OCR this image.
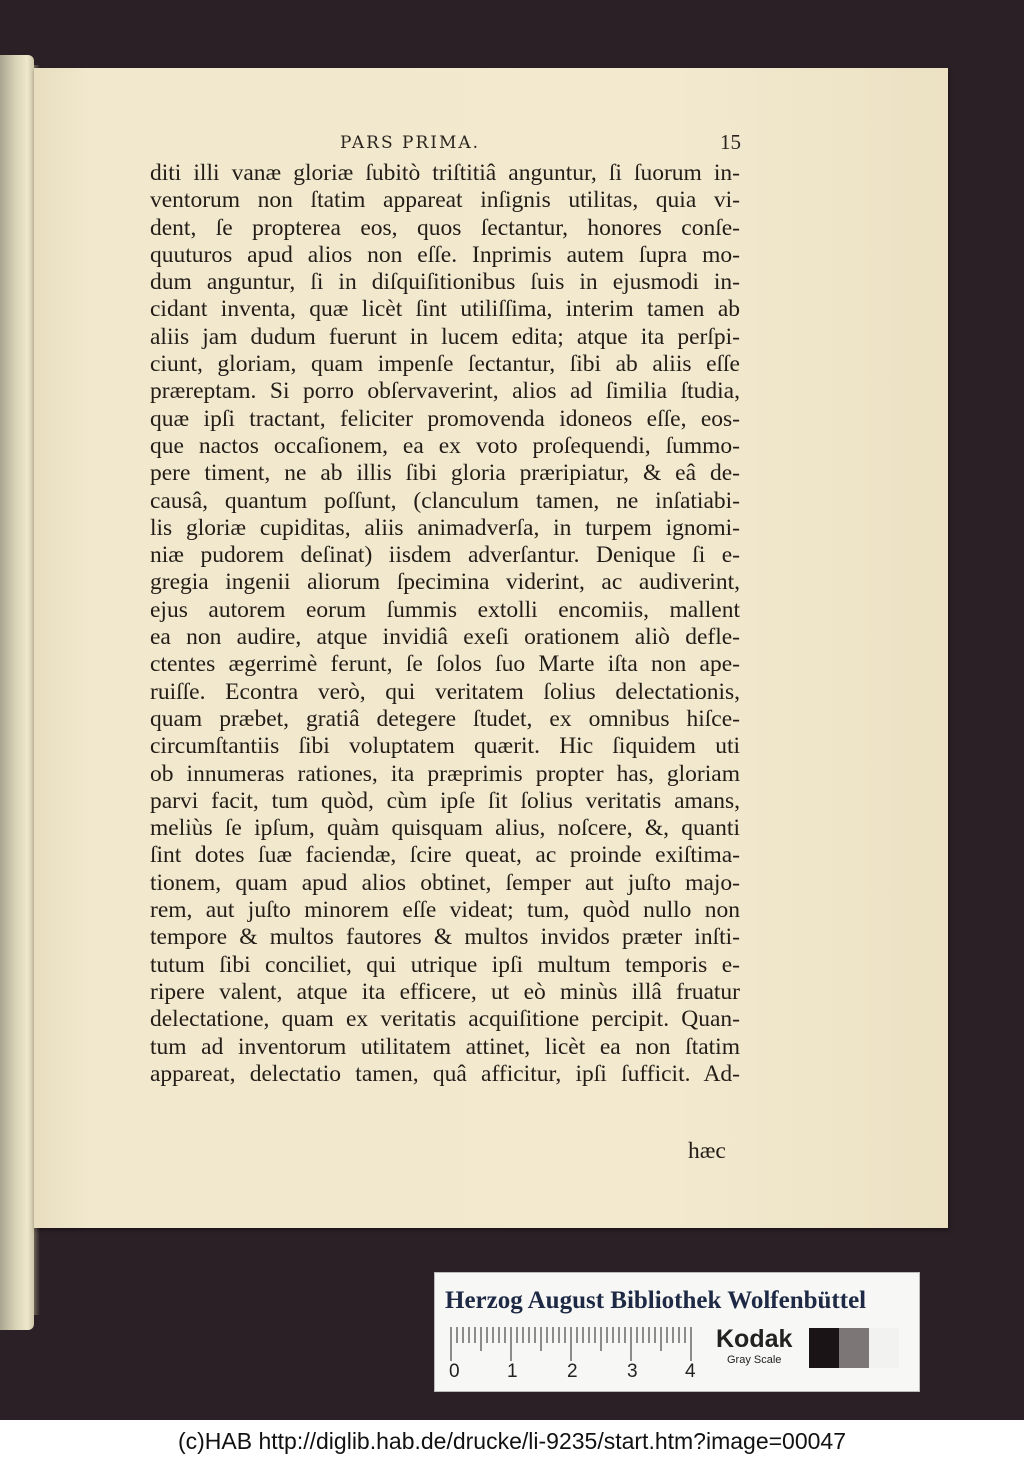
PARS PRIMA.	15
diti illi vanæ gloriæ ſubitò triſtitiâ anguntur, ſi ſuorum in-
ventorum non ſtatim appareat inſignis utilitas, quia vi-
dent, ſe propterea eos, quos ſectantur, honores conſe-
quuturos apud alios non eſſe. Inprimis autem ſupra mo-
dum anguntur, ſi in diſquiſitionibus ſuis in ejusmodi in-
cidant inventa, quæ licèt ſint utiliſſima, interim tamen ab
aliis jam dudum fuerunt in lucem edita; atque ita perſpi-
ciunt, gloriam, quam impenſe ſectantur, ſibi ab aliis eſſe
præreptam. Si porro obſervaverint, alios ad ſimilia ſtudia,
quæ ipſi tractant, feliciter promovenda idoneos eſſe, eos-
que nactos occaſionem, ea ex voto proſequendi, ſummo-
pere timent, ne ab illis ſibi gloria præripiatur, & eâ de-
causâ, quantum poſſunt, (clanculum tamen, ne inſatiabi-
lis gloriæ cupiditas, aliis animadverſa, in turpem ignomi-
niæ pudorem deſinat) iisdem adverſantur. Denique ſi e-
gregia ingenii aliorum ſpecimina viderint, ac audiverint,
ejus autorem eorum ſummis extolli encomiis, mallent
ea non audire, atque invidiâ exeſi orationem aliò defle-
ctentes ægerrimè ferunt, ſe ſolos ſuo Marte iſta non ape-
ruiſſe. Econtra verò, qui veritatem ſolius delectationis,
quam præbet, gratiâ detegere ſtudet, ex omnibus hiſce-
circumſtantiis ſibi voluptatem quærit. Hic ſiquidem uti
ob innumeras rationes, ita præprimis propter has, gloriam
parvi facit, tum quòd, cùm ipſe ſit ſolius veritatis amans,
meliùs ſe ipſum, quàm quisquam alius, noſcere, &, quanti
ſint dotes ſuæ faciendæ, ſcire queat, ac proinde exiſtima-
tionem, quam apud alios obtinet, ſemper aut juſto majo-
rem, aut juſto minorem eſſe videat; tum, quòd nullo non
tempore & multos fautores & multos invidos præter inſti-
tutum ſibi conciliet, qui utrique ipſi multum temporis e-
ripere valent, atque ita efficere, ut eò minùs illâ fruatur
delectatione, quam ex veritatis acquiſitione percipit. Quan-
tum ad inventorum utilitatem attinet, licèt ea non ſtatim
appareat, delectatio tamen, quâ afficitur, ipſi ſufficit. Ad-
hæc
Herzog August Bibliothek Wolfenbüttel
0 1	2	3 4
Kodak
Gray Scale
(c)HAB http://diglib.hab.de/drucke/li-9235/start.htm?image=00047
